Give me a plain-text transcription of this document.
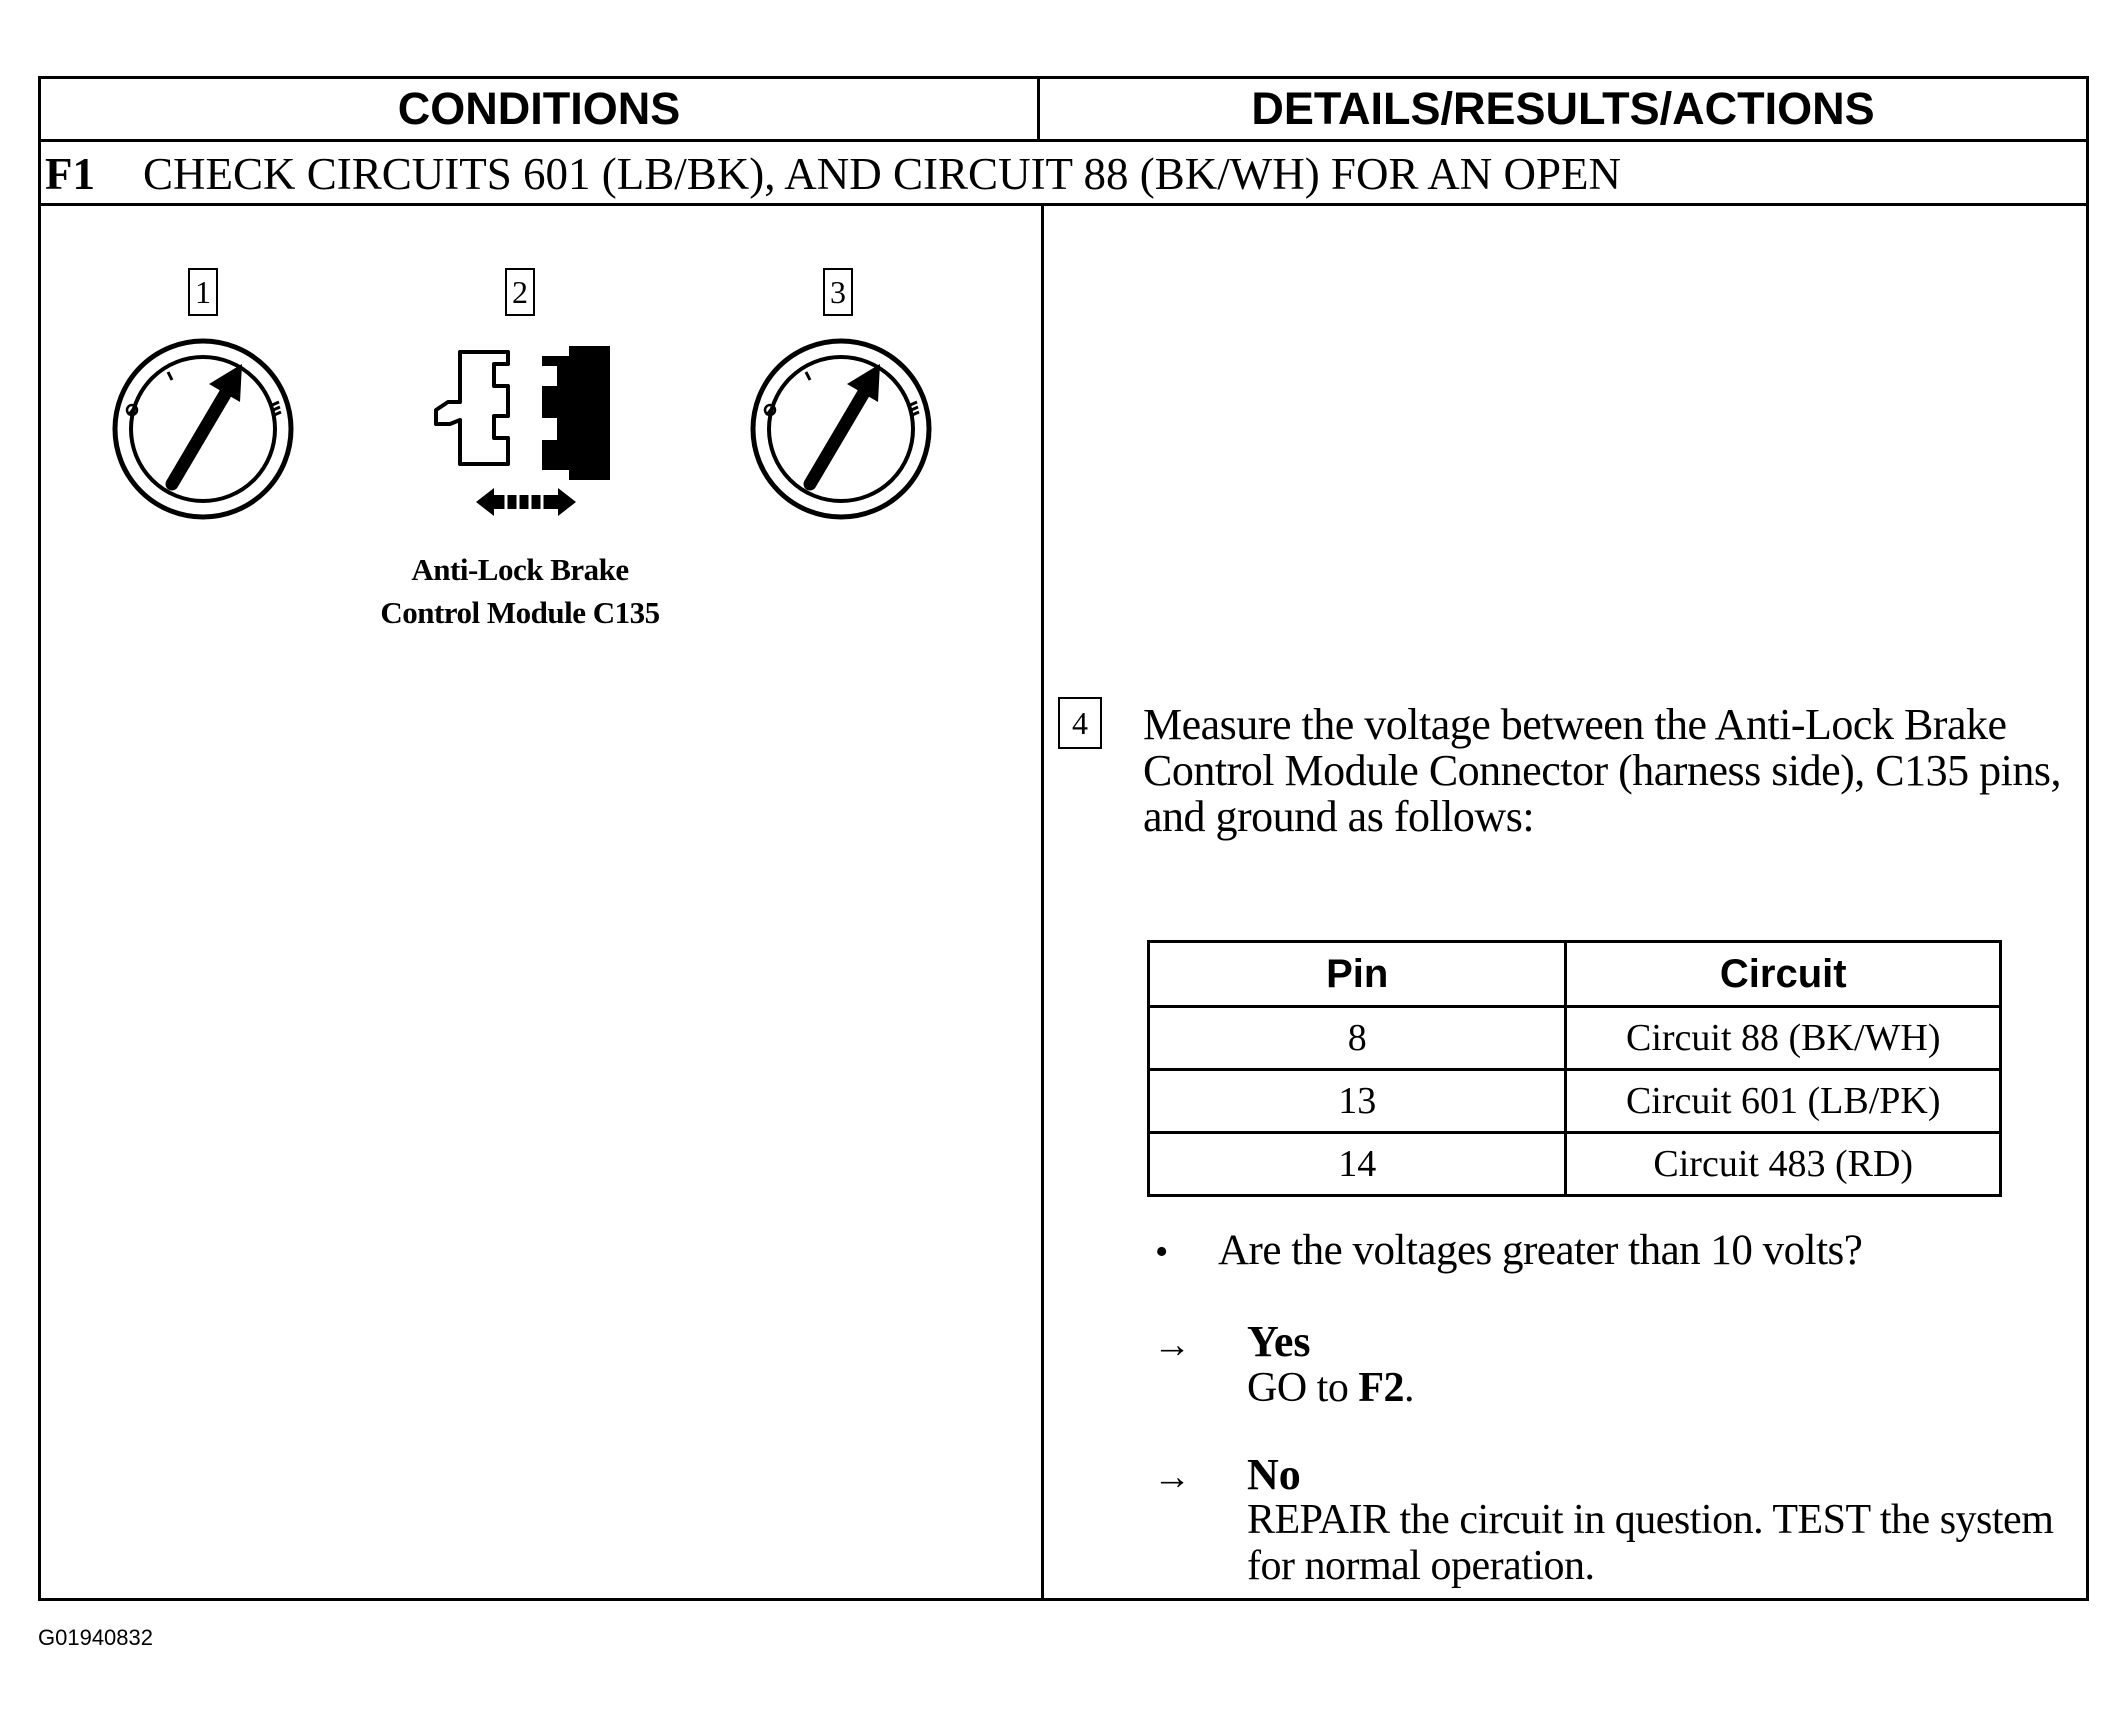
CONDITIONS	DETAILS/RESULTS/ACTIONS
F1 CHECK CIRCUITS 601 (LB/BK), AND CIRCUIT 88 (BK/WH) FOR AN OPEN
1	2
Anti-Lock Brake
Control Module C135
3
4	Measure the voltage between the Anti-Lock Brake Control Module Connector (harness side), C135 pins, and ground as follows:
Pin	Circuit
8	Circuit 88 (BK/WH)
13	Circuit 601 (LB/PK)
14	Circuit 483 (RD)
• Are the voltages greater than 10 volts?
→ Yes
GO to F2.
→ No
REPAIR the circuit in question. TEST the system for normal operation.
G01940832
